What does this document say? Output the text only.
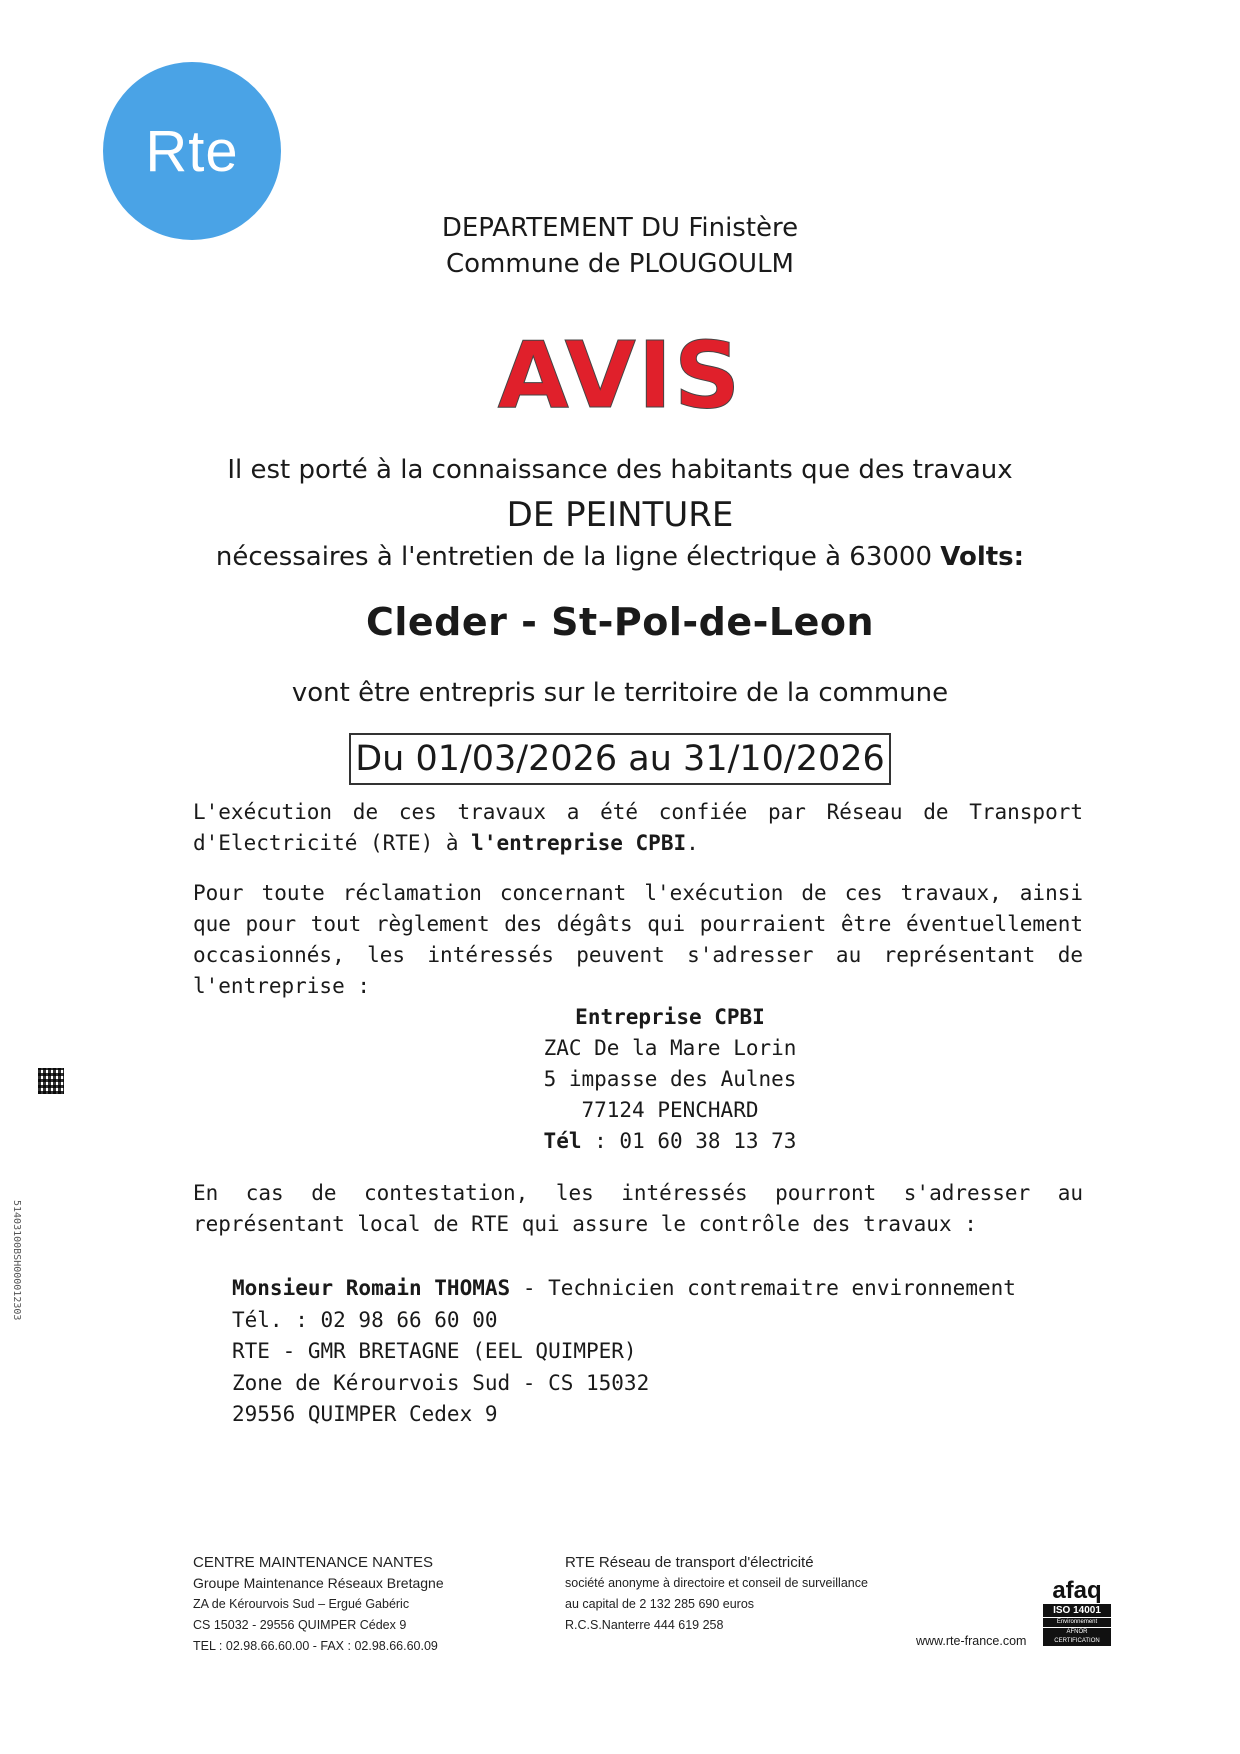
Rte
DEPARTEMENT DU Finistère
Commune de PLOUGOULM
AVIS
Il est porté à la connaissance des habitants que des travaux
DE PEINTURE
nécessaires à l'entretien de la ligne électrique à 63000 Volts:
Cleder - St-Pol-de-Leon
vont être entrepris sur le territoire de la commune
Du 01/03/2026 au 31/10/2026
L'exécution de ces travaux a été confiée par Réseau de Transport d'Electricité (RTE) à l'entreprise CPBI.
Pour toute réclamation concernant l'exécution de ces travaux, ainsi que pour tout règlement des dégâts qui pourraient être éventuellement occasionnés, les intéressés peuvent s'adresser au représentant de l'entreprise :
Entreprise CPBI
ZAC De la Mare Lorin
5 impasse des Aulnes
77124 PENCHARD
Tél : 01 60 38 13 73
En cas de contestation, les intéressés pourront s'adresser au représentant local de RTE qui assure le contrôle des travaux :
Monsieur Romain THOMAS - Technicien contremaitre environnement
Tél. : 02 98 66 60 00
RTE - GMR BRETAGNE (EEL QUIMPER)
Zone de Kérourvois Sud - CS 15032
29556 QUIMPER Cedex 9
51403100BSH000012303
CENTRE MAINTENANCE NANTES
Groupe Maintenance Réseaux Bretagne
ZA de Kérourvois Sud – Ergué Gabéric
CS 15032 - 29556 QUIMPER Cédex 9
TEL : 02.98.66.60.00 - FAX : 02.98.66.60.09
RTE Réseau de transport d'électricité
société anonyme à directoire et conseil de surveillance
au capital de 2 132 285 690 euros
R.C.S.Nanterre 444 619 258
www.rte-france.com
afaq
ISO 14001
Environnement
AFNOR CERTIFICATION
